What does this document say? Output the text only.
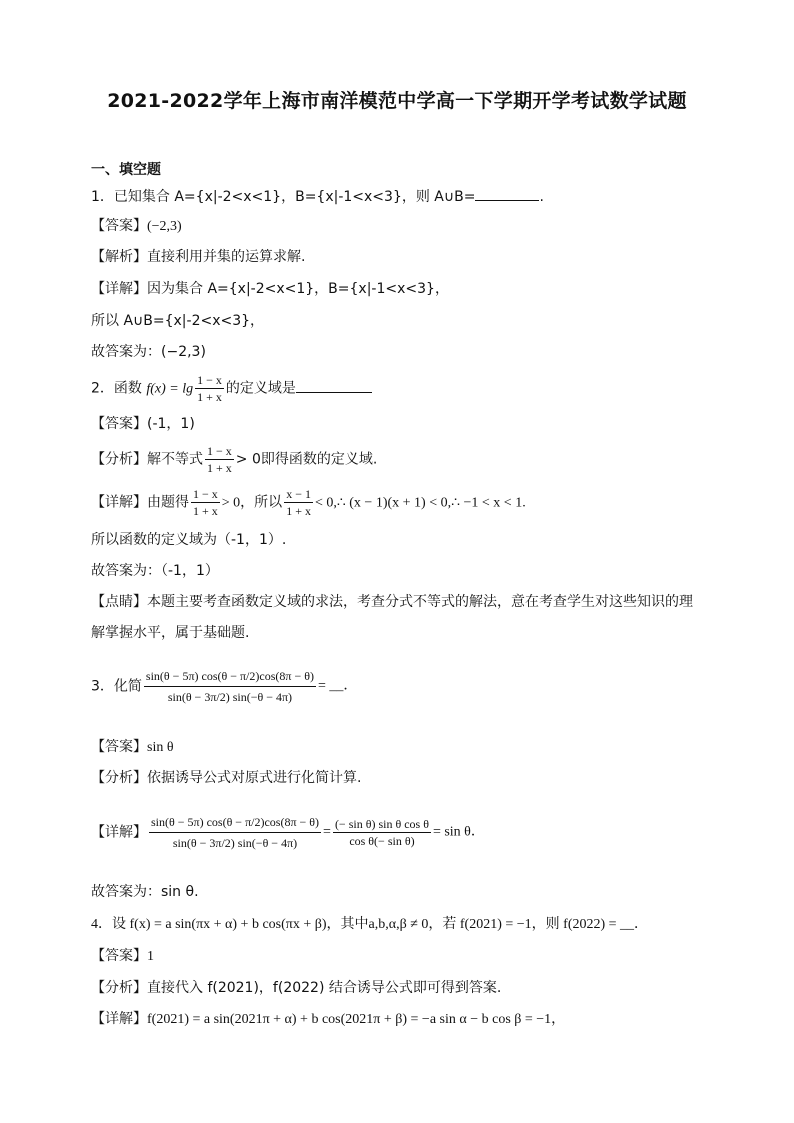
2021-2022学年上海市南洋模范中学高一下学期开学考试数学试题
一、填空题
1．已知集合 A={x|-2<x<1}，B={x|-1<x<3}，则 A∪B=	.
【答案】(−2,3)
【解析】直接利用并集的运算求解.
【详解】因为集合 A={x|-2<x<1}，B={x|-1<x<3}，
所以 A∪B={x|-2<x<3}，
故答案为：(−2,3)
2．函数 $f(x) = \lg \frac{1 - x}{1 + x}$ 的定义域是
【答案】(-1，1)
【分析】解不等式 $\frac{1 - x}{1 + x} > 0$即得函数的定义域.
【详解】由题得 $\frac{1 - x}{1 + x} > 0$，所以 $\frac{x - 1}{1 + x}$ < 0,∴ (x − 1)(x + 1) < 0,∴ −1 < x < 1.
所以函数的定义域为（-1，1）.
故答案为：（-1，1）
【点睛】本题主要考查函数定义域的求法，考查分式不等式的解法，意在考查学生对这些知识的理
解掌握水平，属于基础题.
3．化简 $\frac{\sin(\theta - 5\pi) \cos(\theta - \pi/2)\cos(8\pi - \theta)}{\sin(\theta - 3\pi/2) \sin(-\theta - 4\pi)}$ = __．
【答案】sin θ
【分析】依据诱导公式对原式进行化简计算.
【详解】 $\frac{\sin(\theta - 5\pi) \cos(\theta - \pi/2)\cos(8\pi - \theta)}{\sin(\theta - 3\pi/2) \sin(-\theta - 4\pi)} = \frac{\text{(− sin θ) sin θ cos θ}}{\text{cos θ(− sin θ)}} = \sin \theta$．
故答案为：sin θ.
4．设 f(x) = a sin(πx + α) + b cos(πx + β)，其中a,b,α,β ≠ 0，若 f(2021) = −1，则 f(2022) = __．
【答案】1
【分析】直接代入 f(2021)，f(2022) 结合诱导公式即可得到答案.
【详解】f(2021) = a sin(2021π + α) + b cos(2021π + β) = −a sin α − b cos β = −1，
